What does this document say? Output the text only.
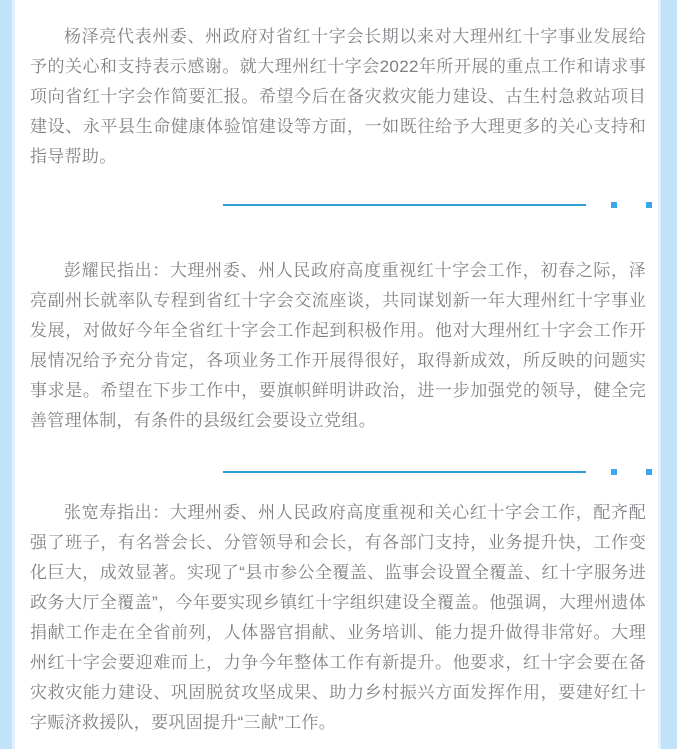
杨泽亮代表州委、州政府对省红十字会长期以来对大理州红十字事业发展给予的关心和支持表示感谢。就大理州红十字会2022年所开展的重点工作和请求事项向省红十字会作简要汇报。希望今后在备灾救灾能力建设、古生村急救站项目建设、永平县生命健康体验馆建设等方面，一如既往给予大理更多的关心支持和指导帮助。

彭耀民指出：大理州委、州人民政府高度重视红十字会工作，初春之际，泽亮副州长就率队专程到省红十字会交流座谈，共同谋划新一年大理州红十字事业发展，对做好今年全省红十字会工作起到积极作用。他对大理州红十字会工作开展情况给予充分肯定，各项业务工作开展得很好，取得新成效，所反映的问题实事求是。希望在下步工作中，要旗帜鲜明讲政治，进一步加强党的领导，健全完善管理体制，有条件的县级红会要设立党组。

张宽寿指出：大理州委、州人民政府高度重视和关心红十字会工作，配齐配强了班子，有名誉会长、分管领导和会长，有各部门支持，业务提升快，工作变化巨大，成效显著。实现了“县市参公全覆盖、监事会设置全覆盖、红十字服务进政务大厅全覆盖”，今年要实现乡镇红十字组织建设全覆盖。他强调，大理州遗体捐献工作走在全省前列，人体器官捐献、业务培训、能力提升做得非常好。大理州红十字会要迎难而上，力争今年整体工作有新提升。他要求，红十字会要在备灾救灾能力建设、巩固脱贫攻坚成果、助力乡村振兴方面发挥作用，要建好红十字赈济救援队，要巩固提升“三献”工作。
